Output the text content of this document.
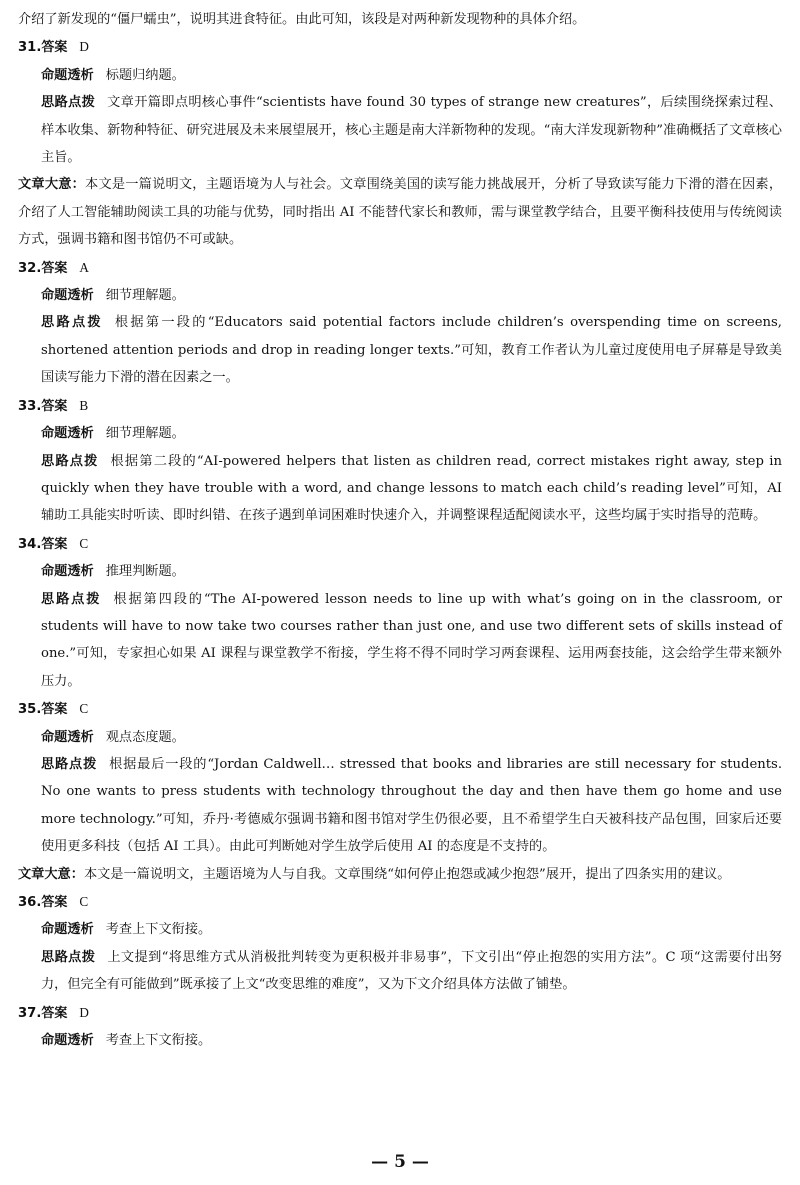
介绍了新发现的“僵尸蠕虫”，说明其进食特征。由此可知，该段是对两种新发现物种的具体介绍。

31.答案 D

命题透析 标题归纳题。

思路点拨 文章开篇即点明核心事件“scientists have found 30 types of strange new creatures”，后续围绕探索过程、样本收集、新物种特征、研究进展及未来展望展开，核心主题是南大洋新物种的发现。“南大洋发现新物种”准确概括了文章核心主旨。

文章大意：本文是一篇说明文，主题语境为人与社会。文章围绕美国的读写能力挑战展开，分析了导致读写能力下滑的潜在因素，介绍了人工智能辅助阅读工具的功能与优势，同时指出 AI 不能替代家长和教师，需与课堂教学结合，且要平衡科技使用与传统阅读方式，强调书籍和图书馆仍不可或缺。

32.答案 A

命题透析 细节理解题。

思路点拨 根据第一段的“Educators said potential factors include children’s overspending time on screens, shortened attention periods and drop in reading longer texts.”可知，教育工作者认为儿童过度使用电子屏幕是导致美国读写能力下滑的潜在因素之一。

33.答案 B

命题透析 细节理解题。

思路点拨 根据第二段的“AI-powered helpers that listen as children read, correct mistakes right away, step in quickly when they have trouble with a word, and change lessons to match each child’s reading level”可知，AI 辅助工具能实时听读、即时纠错、在孩子遇到单词困难时快速介入，并调整课程适配阅读水平，这些均属于实时指导的范畴。

34.答案 C

命题透析 推理判断题。

思路点拨 根据第四段的“The AI-powered lesson needs to line up with what’s going on in the classroom, or students will have to now take two courses rather than just one, and use two different sets of skills instead of one.”可知，专家担心如果 AI 课程与课堂教学不衔接，学生将不得不同时学习两套课程、运用两套技能，这会给学生带来额外压力。

35.答案 C

命题透析 观点态度题。

思路点拨 根据最后一段的“Jordan Caldwell… stressed that books and libraries are still necessary for students. No one wants to press students with technology throughout the day and then have them go home and use more technology.”可知，乔丹·考德威尔强调书籍和图书馆对学生仍很必要，且不希望学生白天被科技产品包围，回家后还要使用更多科技（包括 AI 工具）。由此可判断她对学生放学后使用 AI 的态度是不支持的。

文章大意：本文是一篇说明文，主题语境为人与自我。文章围绕“如何停止抱怨或减少抱怨”展开，提出了四条实用的建议。

36.答案 C

命题透析 考查上下文衔接。

思路点拨 上文提到“将思维方式从消极批判转变为更积极并非易事”，下文引出“停止抱怨的实用方法”。C 项“这需要付出努力，但完全有可能做到”既承接了上文“改变思维的难度”，又为下文介绍具体方法做了铺垫。

37.答案 D

命题透析 考查上下文衔接。

— 5 —
